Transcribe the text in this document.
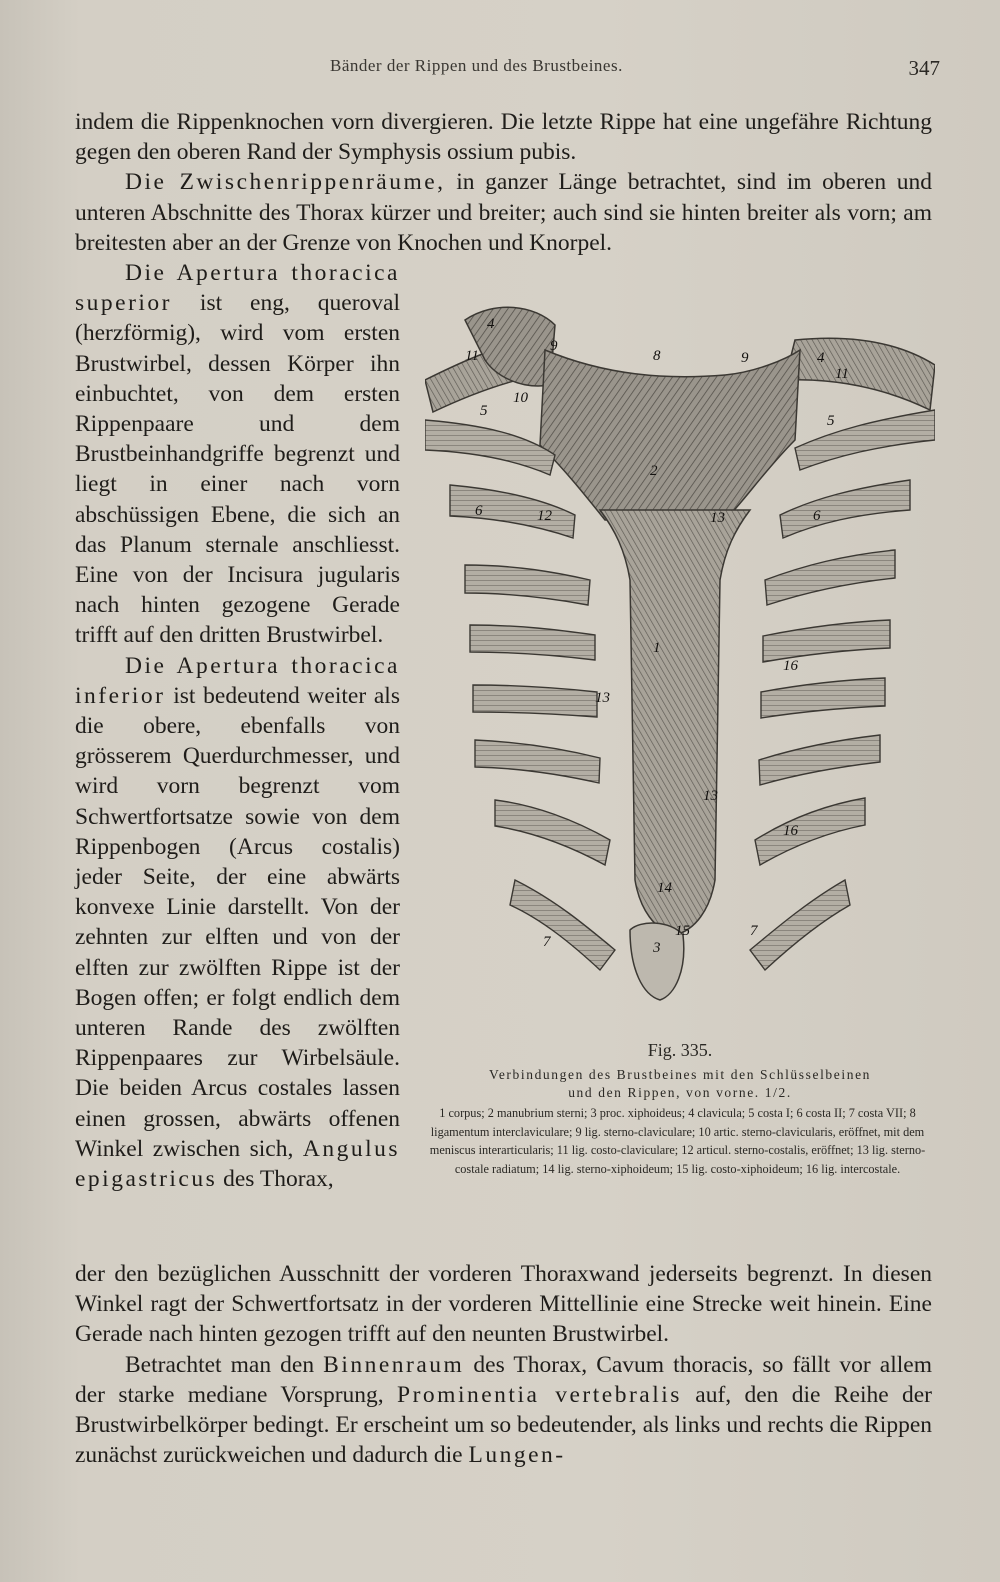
Bänder der Rippen und des Brustbeines.	347

indem die Rippenknochen vorn divergieren. Die letzte Rippe hat eine ungefähre Richtung gegen den oberen Rand der Symphysis ossium pubis.

Die Zwischenrippenräume, in ganzer Länge betrachtet, sind im oberen und unteren Abschnitte des Thorax kürzer und breiter; auch sind sie hinten breiter als vorn; am breitesten aber an der Grenze von Knochen und Knorpel.

Die Apertura thoracica superior ist eng, queroval (herzförmig), wird vom ersten Brustwirbel, dessen Körper ihn einbuchtet, von dem ersten Rippenpaare und dem Brustbeinhandgriffe begrenzt und liegt in einer nach vorn abschüssigen Ebene, die sich an das Planum sternale anschliesst. Eine von der Incisura jugularis nach hinten gezogene Gerade trifft auf den dritten Brustwirbel.

Die Apertura thoracica inferior ist bedeutend weiter als die obere, ebenfalls von grösserem Querdurchmesser, und wird vorn begrenzt vom Schwertfortsatze sowie von dem Rippenbogen (Arcus costalis) jeder Seite, der eine abwärts konvexe Linie darstellt. Von der zehnten zur elften und von der elften zur zwölften Rippe ist der Bogen offen; er folgt endlich dem unteren Rande des zwölften Rippenpaares zur Wirbelsäule. Die beiden Arcus costales lassen einen grossen, abwärts offenen Winkel zwischen sich, Angulus epigastricus des Thorax,

der den bezüglichen Ausschnitt der vorderen Thoraxwand jederseits begrenzt. In diesen Winkel ragt der Schwertfortsatz in der vorderen Mittellinie eine Strecke weit hinein. Eine Gerade nach hinten gezogen trifft auf den neunten Brustwirbel.

Betrachtet man den Binnenraum des Thorax, Cavum thoracis, so fällt vor allem der starke mediane Vorsprung, Prominentia vertebralis auf, den die Reihe der Brustwirbelkörper bedingt. Er erscheint um so bedeutender, als links und rechts die Rippen zunächst zurückweichen und dadurch die Lungen-

4
9
11	8	9	4
11
10
5
5
2
6	12	13	6
1
16
13
13
16
14
15
3
7
7
Fig. 335.
Verbindungen des Brustbeines mit den Schlüsselbeinen
und den Rippen, von vorne. 1/2.
1 corpus; 2 manubrium sterni; 3 proc. xiphoideus; 4 clavicula; 5 costa I; 6 costa II; 7 costa VII; 8 ligamentum interclaviculare; 9 lig. sterno-claviculare; 10 artic. sterno-clavicularis, eröffnet, mit dem meniscus interarticularis; 11 lig. costo-claviculare; 12 articul. sterno-costalis, eröffnet; 13 lig. sterno-costale radiatum; 14 lig. sterno-xiphoideum; 15 lig. costo-xiphoideum; 16 lig. intercostale.
